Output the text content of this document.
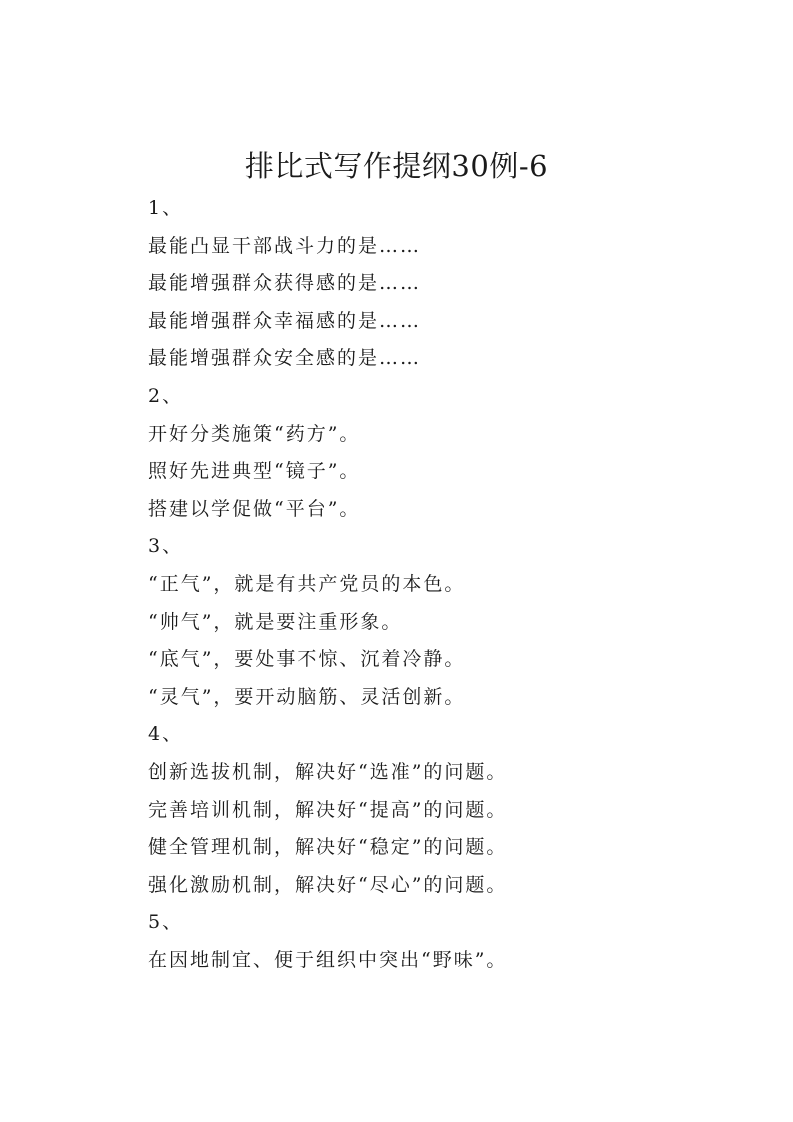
排比式写作提纲30例-6
1、
最能凸显干部战斗力的是……
最能增强群众获得感的是……
最能增强群众幸福感的是……
最能增强群众安全感的是……
2、
开好分类施策“药方”。
照好先进典型“镜子”。
搭建以学促做“平台”。
3、
“正气”，就是有共产党员的本色。
“帅气”，就是要注重形象。
“底气”，要处事不惊、沉着冷静。
“灵气”，要开动脑筋、灵活创新。
4、
创新选拔机制，解决好“选准”的问题。
完善培训机制，解决好“提高”的问题。
健全管理机制，解决好“稳定”的问题。
强化激励机制，解决好“尽心”的问题。
5、
在因地制宜、便于组织中突出“野味”。
